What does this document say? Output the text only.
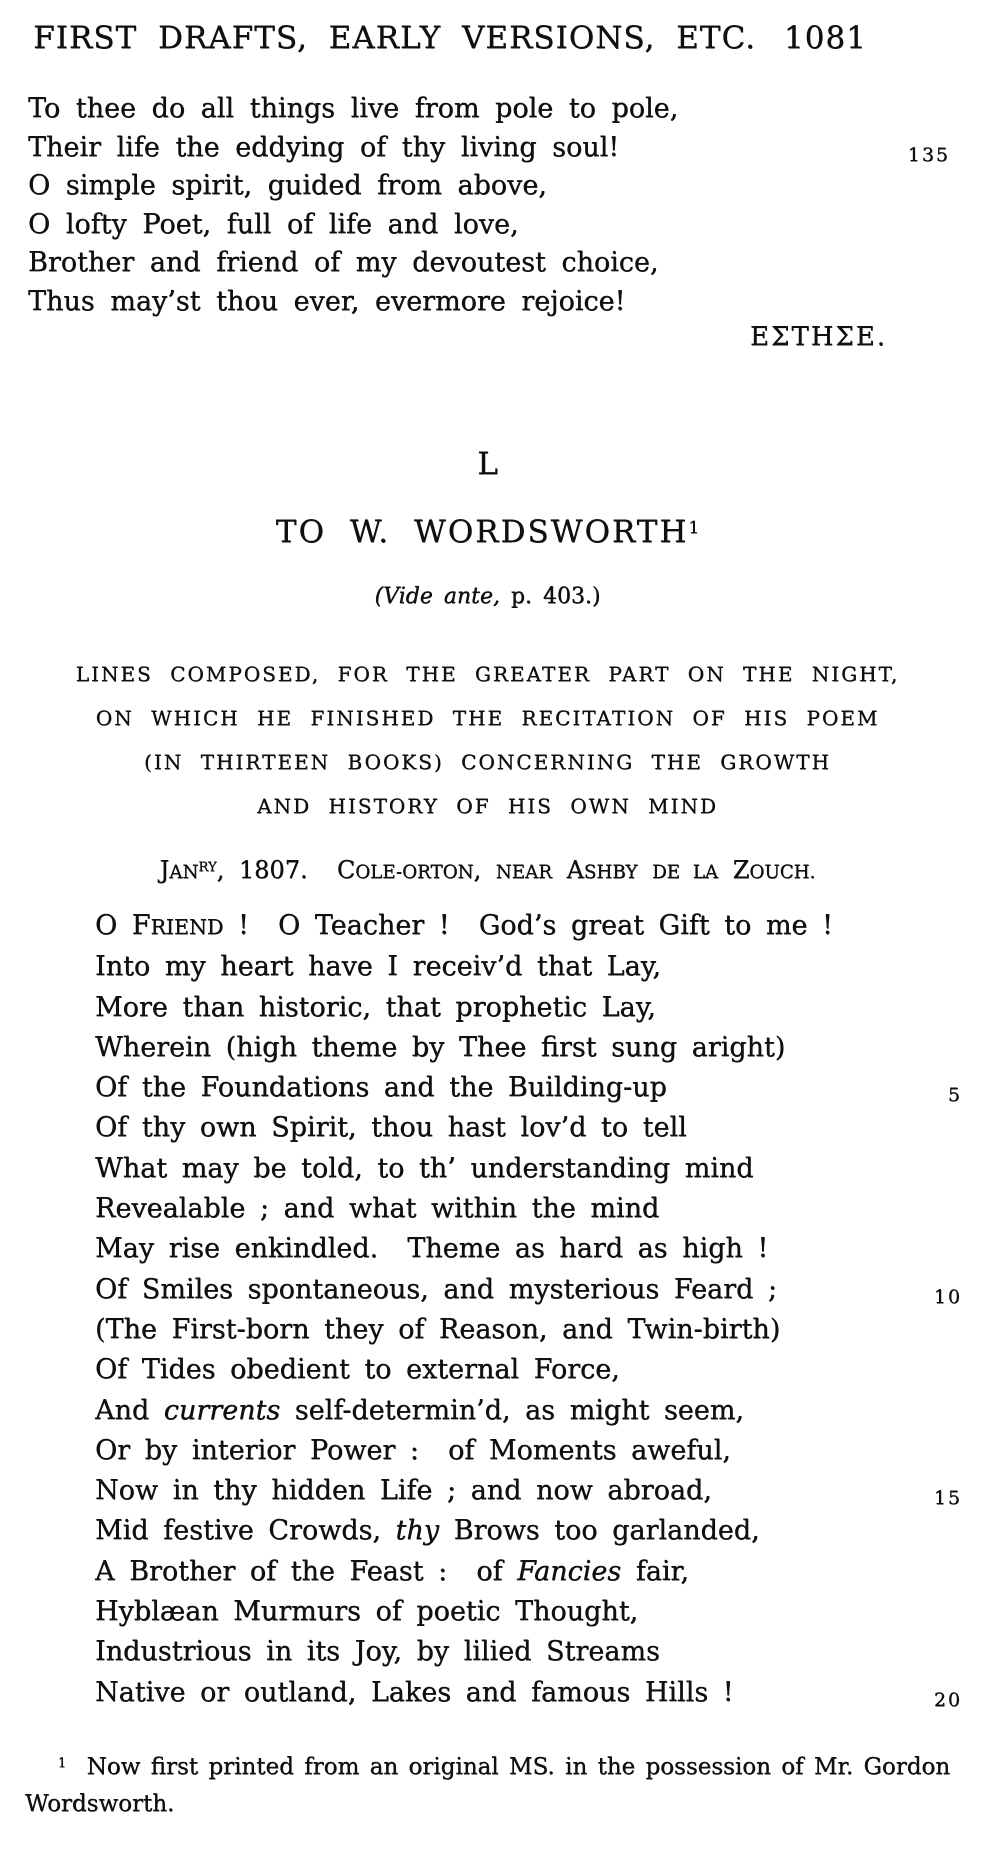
FIRST DRAFTS, EARLY VERSIONS, ETC. 1081
To thee do all things live from pole to pole,
Their life the eddying of thy living soul!	135
O simple spirit, guided from above,
O lofty Poet, full of life and love,
Brother and friend of my devoutest choice,
Thus may’st thou ever, evermore rejoice!
ΕΣΤΗΣΕ.
L
TO W. WORDSWORTH$^1$
(Vide ante, p. 403.)
LINES COMPOSED, FOR THE GREATER PART ON THE NIGHT,
ON WHICH HE FINISHED THE RECITATION OF HIS POEM
(IN THIRTEEN BOOKS) CONCERNING THE GROWTH
AND HISTORY OF HIS OWN MIND
$JAN^{RY}$, 1807.  COLE-ORTON, NEAR ASHBY DE LA ZOUCH.
O FRIEND !  O Teacher !  God’s great Gift to me !
Into my heart have I receiv’d that Lay,
More than historic, that prophetic Lay,
Wherein (high theme by Thee first sung aright)
Of the Foundations and the Building-up	5
Of thy own Spirit, thou hast lov’d to tell
What may be told, to th’ understanding mind
Revealable ; and what within the mind
May rise enkindled.  Theme as hard as high !
Of Smiles spontaneous, and mysterious Feard ;	10
(The First-born they of Reason, and Twin-birth)
Of Tides obedient to external Force,
And currents self-determin’d, as might seem,
Or by interior Power :  of Moments aweful,
Now in thy hidden Life ; and now abroad,	15
Mid festive Crowds, thy Brows too garlanded,
A Brother of the Feast :  of Fancies fair,
Hyblæan Murmurs of poetic Thought,
Industrious in its Joy, by lilied Streams
Native or outland, Lakes and famous Hills !	20
$^1$  Now first printed from an original MS. in the possession of Mr. Gordon
Wordsworth.
